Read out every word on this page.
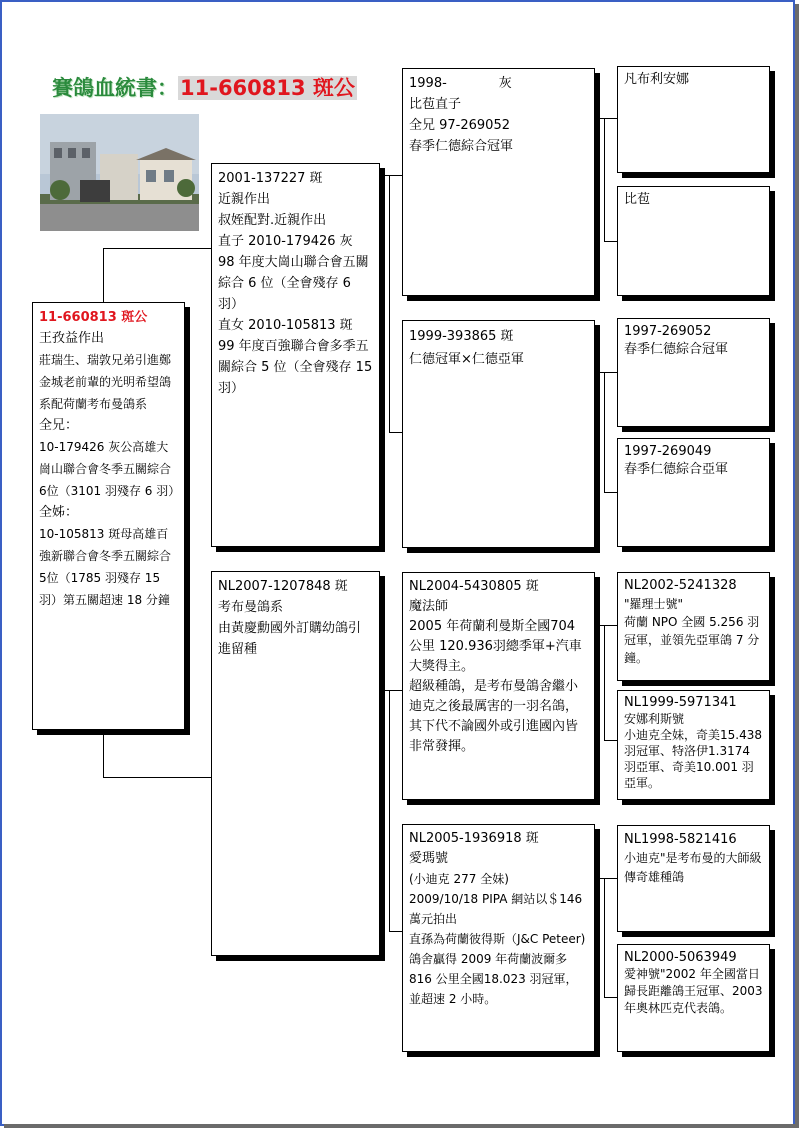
賽鴿血統書：11-660813 斑公
11-660813 斑公
王孜益作出
莊瑞生、瑞敦兄弟引進鄭金城老前輩的光明希望鴿系配荷蘭考布曼鴿系
全兄：
10-179426 灰公高雄大崗山聯合會冬季五關綜合 6位（3101 羽殘存 6 羽）
全姊：
10-105813 斑母高雄百強新聯合會冬季五關綜合 5位（1785 羽殘存 15 羽）第五關超速 18 分鐘
2001-137227 斑
近親作出
叔姪配對.近親作出
直子 2010-179426 灰 98 年度大崗山聯合會五關綜合 6 位（全會殘存 6 羽）
直女 2010-105813 斑 99 年度百強聯合會多季五關綜合 5 位（全會殘存 15 羽）
NL2007-1207848 斑
考布曼鴿系
由黃慶勳國外訂購幼鴿引進留種
1998-　　　　灰
比苞直子
全兄 97-269052
春季仁德綜合冠軍
1999-393865 斑
仁德冠軍×仁德亞軍
NL2004-5430805 斑
魔法師
2005 年荷蘭利曼斯全國704公里 120.936羽總季軍+汽車大獎得主。
超級種鴿，是考布曼鴿舍繼小迪克之後最厲害的一羽名鴿，其下代不論國外或引進國內皆非常發揮。
NL2005-1936918 斑
愛瑪號
(小迪克 277 全妹)
2009/10/18 PIPA 網站以＄146 萬元拍出
直孫為荷蘭彼得斯（J&C Peteer)鴿舍贏得 2009 年荷蘭波爾多 816 公里全國18.023 羽冠軍，並超速 2 小時。
凡布利安娜
比苞
1997-269052
春季仁德綜合冠軍
1997-269049
春季仁德綜合亞軍
NL2002-5241328
"羅理士號"
荷蘭 NPO 全國 5.256 羽冠軍，並領先亞軍鴿 7 分鐘。
NL1999-5971341
安娜利斯號
小迪克全妹，奇美15.438 羽冠軍、特洛伊1.3174 羽亞軍、奇美10.001 羽亞軍。
NL1998-5821416
小迪克"是考布曼的大師級傳奇雄種鴿
NL2000-5063949
愛神號"2002 年全國當日歸長距離鴿王冠軍、2003 年奧林匹克代表鴿。
